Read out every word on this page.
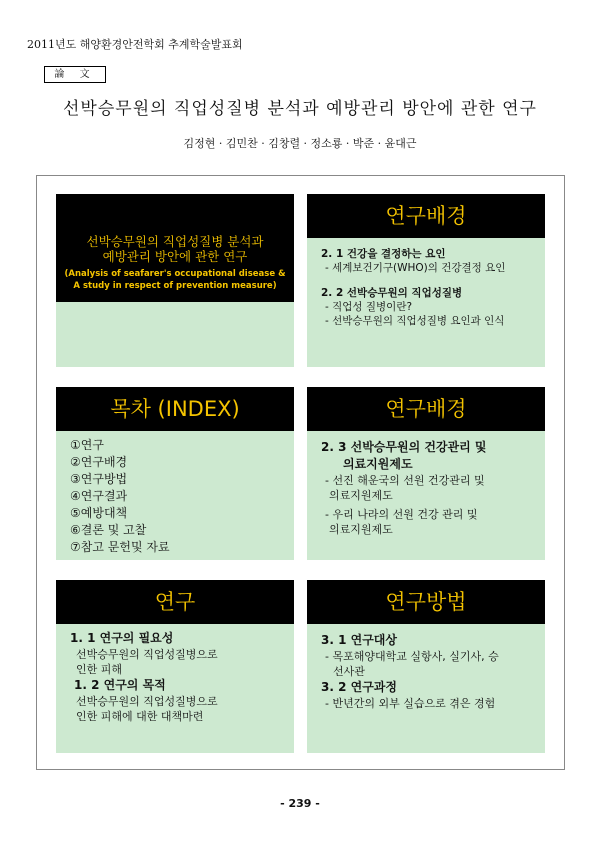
2011년도 해양환경안전학회 추계학술발표회
論 文
선박승무원의 직업성질병 분석과 예방관리 방안에 관한 연구
김정현 · 김민찬 · 김창렬 · 정소룡 · 박준 · 윤대근
선박승무원의 직업성질병 분석과
예방관리 방안에 관한 연구
(Analysis of seafarer's occupational disease &
A study in respect of prevention measure)
연구배경
2. 1 건강을 결정하는 요인
- 세계보건기구(WHO)의 건강결정 요인
2. 2 선박승무원의 직업성질병
- 직업성 질병이란?
- 선박승무원의 직업성질병 요인과 인식
목차 (INDEX)
①연구
②연구배경
③연구방법
④연구결과
⑤예방대책
⑥결론 및 고찰
⑦참고 문헌및 자료
연구배경
2. 3 선박승무원의 건강관리 및
의료지원제도
- 선진 해운국의 선원 건강관리 및
의료지원제도
- 우리 나라의 선원 건강 관리 및
의료지원제도
연구
1. 1 연구의 필요성
선박승무원의 직업성질병으로
인한 피해
1. 2 연구의 목적
선박승무원의 직업성질병으로
인한 피해에 대한 대책마련
연구방법
3. 1 연구대상
- 목포해양대학교 실항사, 실기사, 승
선사관
3. 2 연구과정
- 반년간의 외부 실습으로 겪은 경험
- 239 -
